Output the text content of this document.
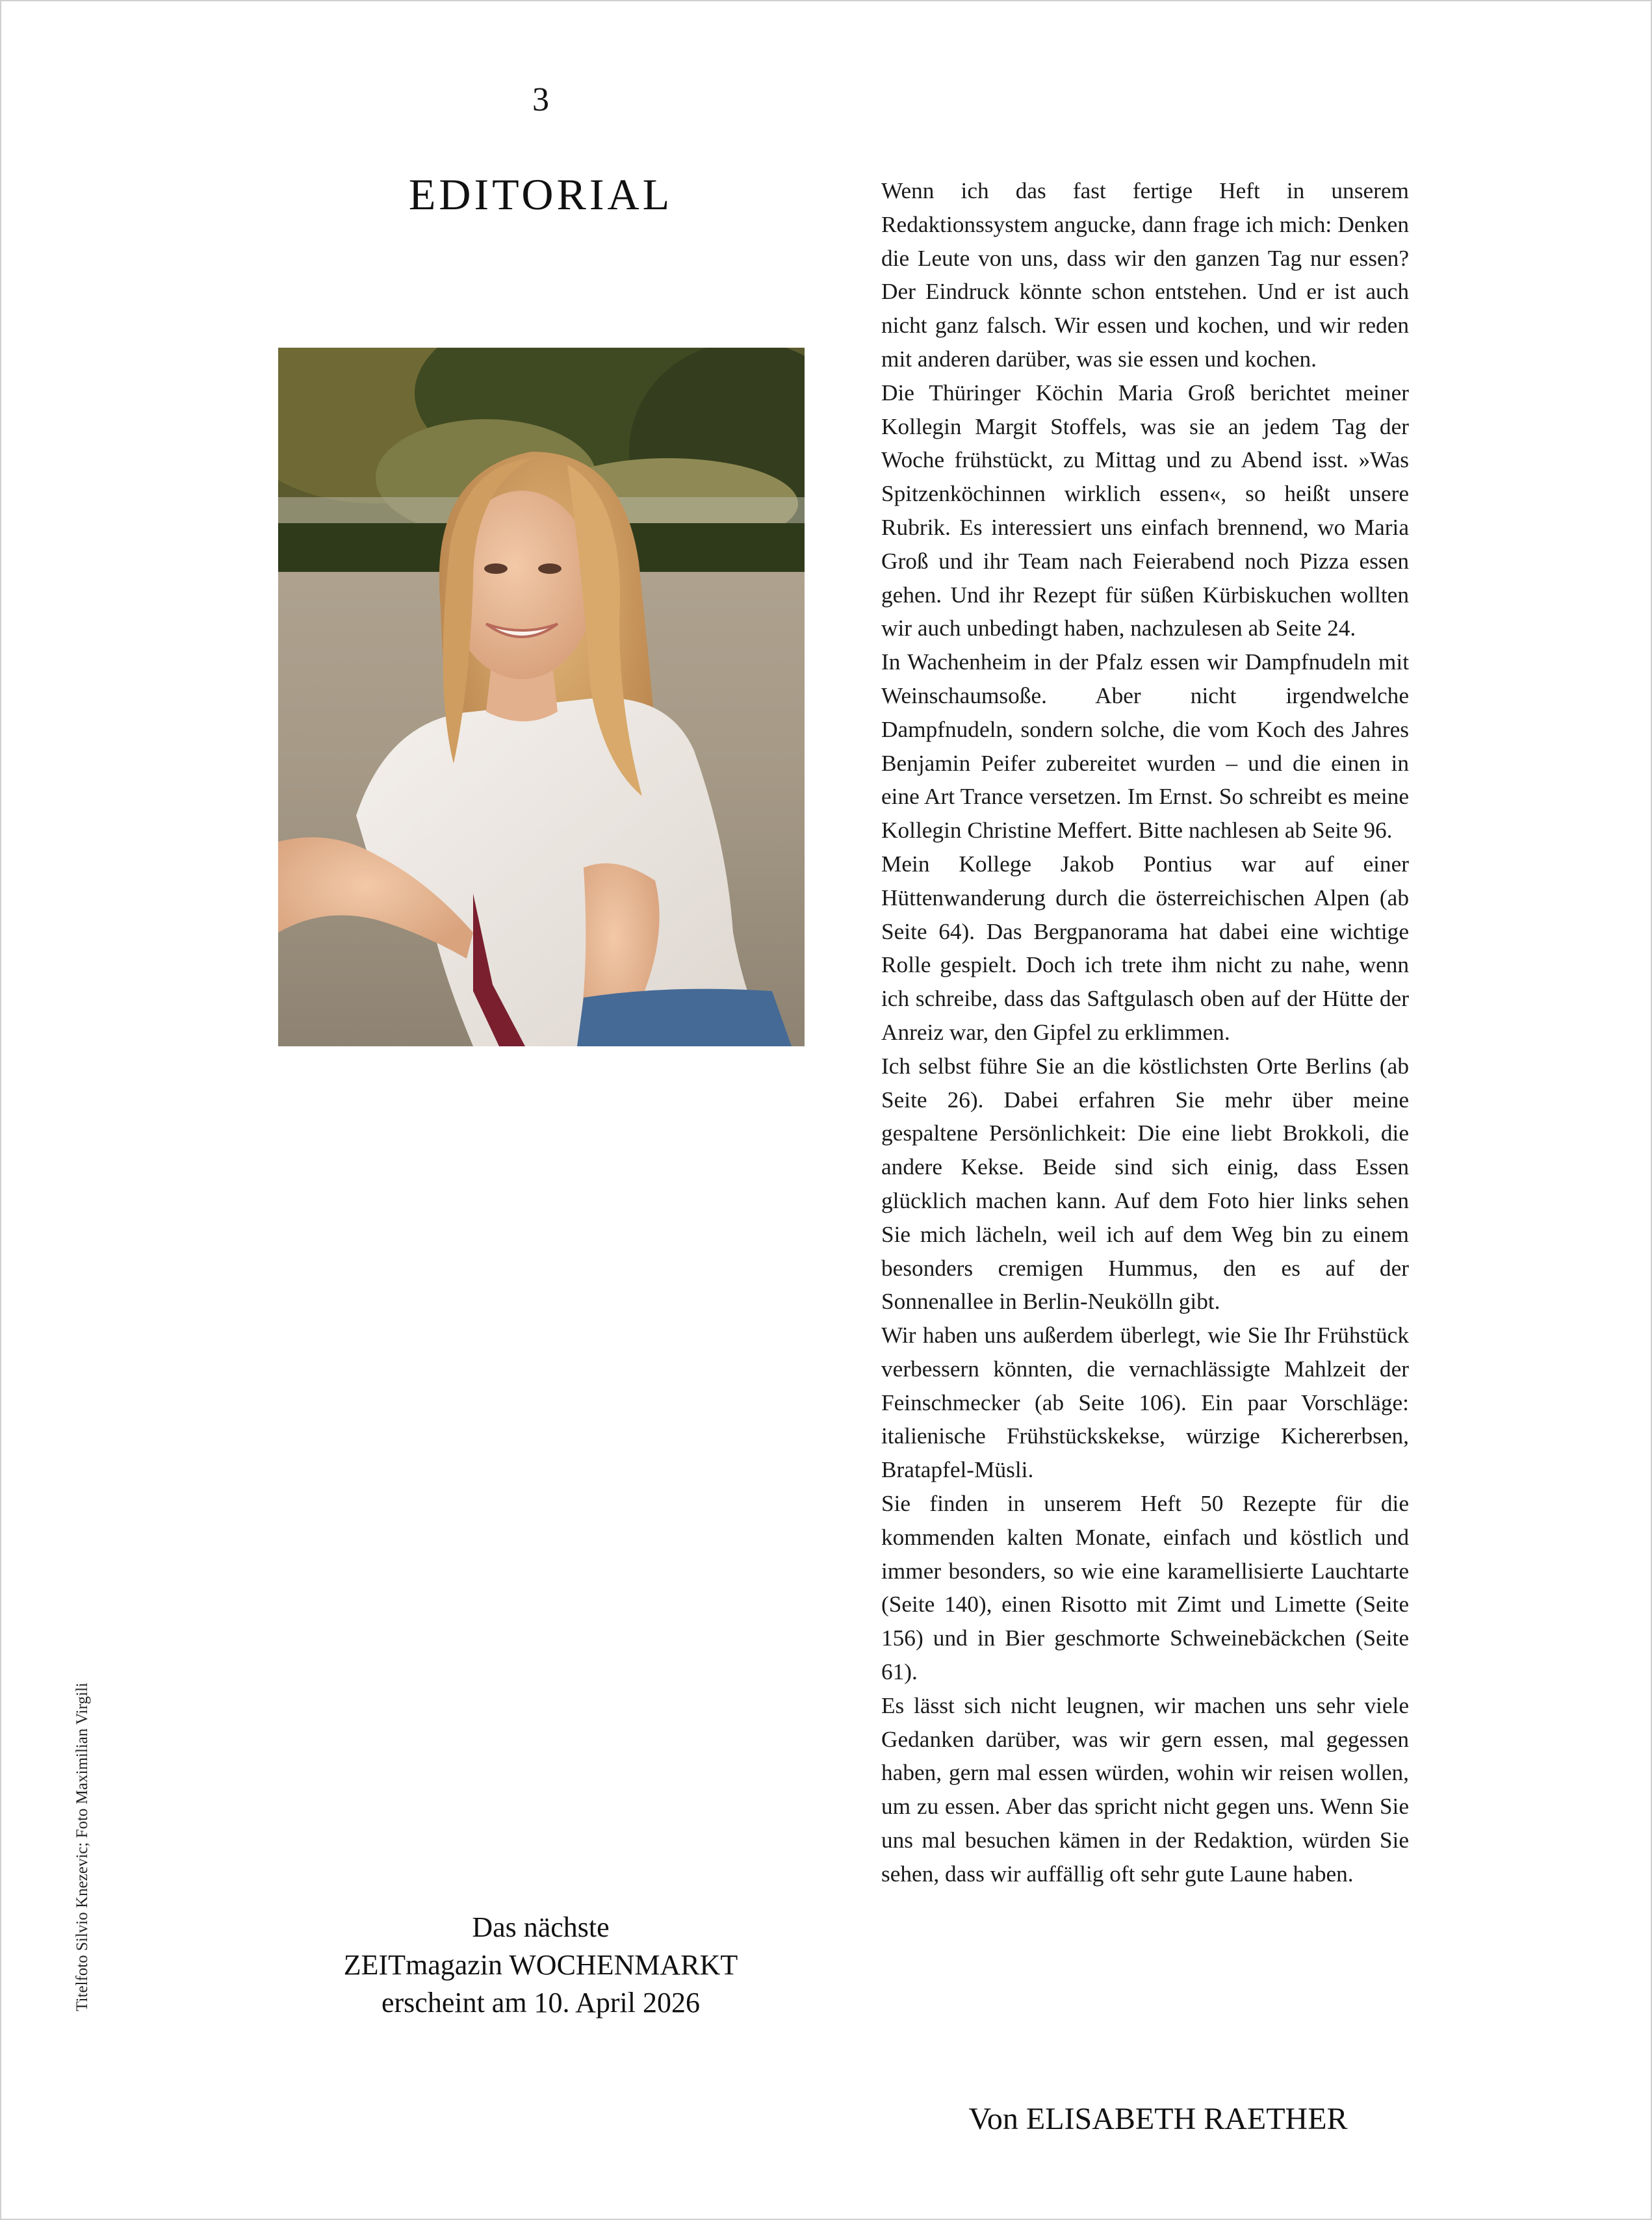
3
EDITORIAL	Wenn ich das fast fertige Heft in unserem Redaktionssystem angucke, dann frage ich mich: Denken die Leute von uns, dass wir den ganzen Tag nur essen? Der Eindruck könnte schon entstehen. Und er ist auch nicht ganz falsch. Wir essen und kochen, und wir reden mit anderen darüber, was sie essen und kochen.

Die Thüringer Köchin Maria Groß berichtet meiner Kollegin Margit Stoffels, was sie an jedem Tag der Woche frühstückt, zu Mittag und zu Abend isst. »Was Spitzenköchinnen wirklich essen«, so heißt unsere Rubrik. Es interessiert uns einfach brennend, wo Maria Groß und ihr Team nach Feierabend noch Pizza essen gehen. Und ihr Rezept für süßen Kürbiskuchen wollten wir auch unbedingt haben, nachzulesen ab Seite 24.

In Wachenheim in der Pfalz essen wir Dampfnudeln mit Weinschaumsoße. Aber nicht irgendwelche Dampfnudeln, sondern solche, die vom Koch des Jahres Benjamin Peifer zubereitet wurden – und die einen in eine Art Trance versetzen. Im Ernst. So schreibt es meine Kollegin Christine Meffert. Bitte nachlesen ab Seite 96.

Mein Kollege Jakob Pontius war auf einer Hüttenwanderung durch die österreichischen Alpen (ab Seite 64). Das Bergpanorama hat dabei eine wichtige Rolle gespielt. Doch ich trete ihm nicht zu nahe, wenn ich schreibe, dass das Saftgulasch oben auf der Hütte der Anreiz war, den Gipfel zu erklimmen.

Ich selbst führe Sie an die köstlichsten Orte Berlins (ab Seite 26). Dabei erfahren Sie mehr über meine gespaltene Persönlichkeit: Die eine liebt Brokkoli, die andere Kekse. Beide sind sich einig, dass Essen glücklich machen kann. Auf dem Foto hier links sehen Sie mich lächeln, weil ich auf dem Weg bin zu einem besonders cremigen Hummus, den es auf der Sonnenallee in Berlin-Neukölln gibt.

Wir haben uns außerdem überlegt, wie Sie Ihr Frühstück verbessern könnten, die vernachlässigte Mahlzeit der Feinschmecker (ab Seite 106). Ein paar Vorschläge: italienische Frühstückskekse, würzige Kichererbsen, Bratapfel-Müsli.

Sie finden in unserem Heft 50 Rezepte für die kommenden kalten Monate, einfach und köstlich und immer besonders, so wie eine karamellisierte Lauchtarte (Seite 140), einen Risotto mit Zimt und Limette (Seite 156) und in Bier geschmorte Schweinebäckchen (Seite 61).

Es lässt sich nicht leugnen, wir machen uns sehr viele Gedanken darüber, was wir gern essen, mal gegessen haben, gern mal essen würden, wohin wir reisen wollen, um zu essen. Aber das spricht nicht gegen uns. Wenn Sie uns mal besuchen kämen in der Redaktion, würden Sie sehen, dass wir auffällig oft sehr gute Laune haben.

Das nächste
ZEITmagazin WOCHENMARKT
erscheint am 10. April 2026
Von ELISABETH RAETHER
Titelfoto Silvio Knezevic; Foto Maximilian Virgili
